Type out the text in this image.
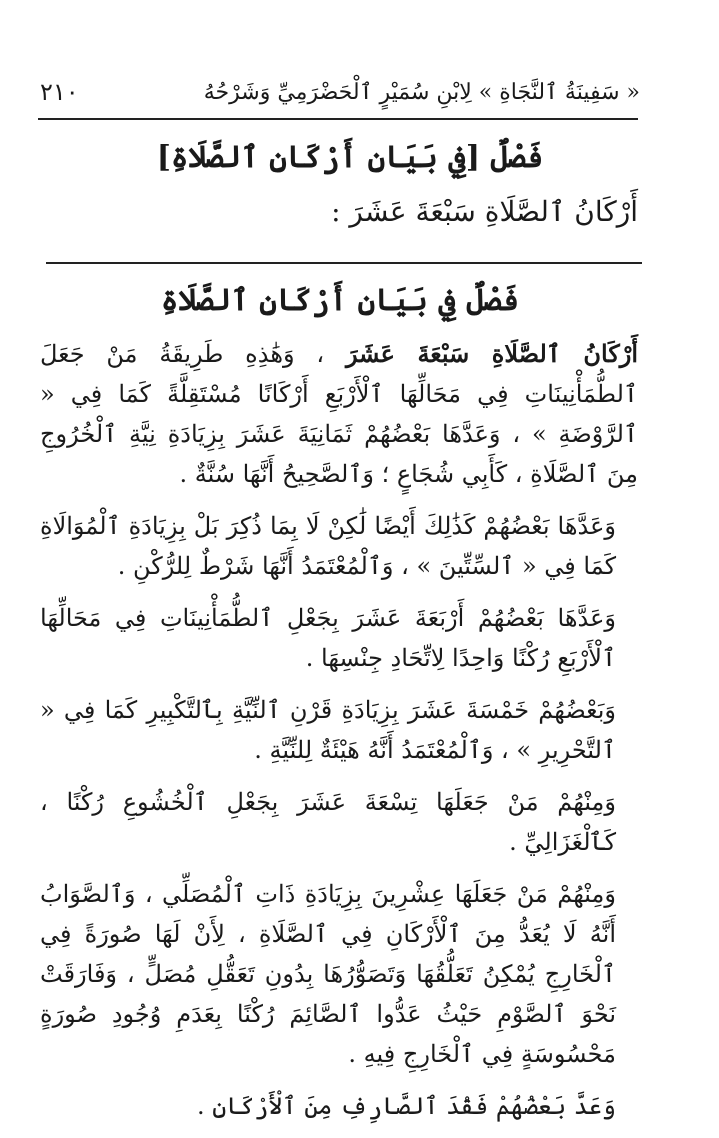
٢١٠	« سَفِينَةُ ٱلنَّجَاةِ » لِابْنِ سُمَيْرٍ ٱلْحَضْرَمِيِّ وَشَرْحُهُ
فَصْلٌ [فِي بَيَانِ أَرْكَانِ ٱلصَّلَاةِ]
أَرْكَانُ ٱلصَّلَاةِ سَبْعَةَ عَشَرَ :
فَصْلٌ فِي بَيَانِ أَرْكَانِ ٱلصَّلَاةِ

أَرْكَانُ ٱلصَّلَاةِ سَبْعَةَ عَشَرَ ، وَهَٰذِهِ طَرِيقَةُ مَنْ جَعَلَ ٱلطُّمَأْنِينَاتِ فِي مَحَالِّهَا ٱلْأَرْبَعِ أَرْكَانًا مُسْتَقِلَّةً كَمَا فِي « ٱلرَّوْضَةِ » ، وَعَدَّهَا بَعْضُهُمْ ثَمَانِيَةَ عَشَرَ بِزِيَادَةِ نِيَّةِ ٱلْخُرُوجِ مِنَ ٱلصَّلَاةِ ، كَأَبِي شُجَاعٍ ؛ وَٱلصَّحِيحُ أَنَّهَا سُنَّةٌ .

وَعَدَّهَا بَعْضُهُمْ كَذَٰلِكَ أَيْضًا لَٰكِنْ لَا بِمَا ذُكِرَ بَلْ بِزِيَادَةِ ٱلْمُوَالَاةِ كَمَا فِي « ٱلسِّتِّينَ » ، وَٱلْمُعْتَمَدُ أَنَّهَا شَرْطٌ لِلرُّكْنِ .

وَعَدَّهَا بَعْضُهُمْ أَرْبَعَةَ عَشَرَ بِجَعْلِ ٱلطُّمَأْنِينَاتِ فِي مَحَالِّهَا ٱلْأَرْبَعِ رُكْنًا وَاحِدًا لِاتِّحَادِ جِنْسِهَا .

وَبَعْضُهُمْ خَمْسَةَ عَشَرَ بِزِيَادَةِ قَرْنِ ٱلنِّيَّةِ بِٱلتَّكْبِيرِ كَمَا فِي « ٱلتَّحْرِيرِ » ، وَٱلْمُعْتَمَدُ أَنَّهُ هَيْئَةٌ لِلنِّيَّةِ .

وَمِنْهُمْ مَنْ جَعَلَهَا تِسْعَةَ عَشَرَ بِجَعْلِ ٱلْخُشُوعِ رُكْنًا ، كَٱلْغَزَالِيِّ .

وَمِنْهُمْ مَنْ جَعَلَهَا عِشْرِينَ بِزِيَادَةِ ذَاتِ ٱلْمُصَلِّي ، وَٱلصَّوَابُ أَنَّهُ لَا يُعَدُّ مِنَ ٱلْأَرْكَانِ فِي ٱلصَّلَاةِ ، لِأَنْ لَهَا صُورَةً فِي ٱلْخَارِجِ يُمْكِنُ تَعَلُّقُهَا وَتَصَوُّرُهَا بِدُونِ تَعَقُّلِ مُصَلٍّ ، وَفَارَقَتْ نَحْوَ ٱلصَّوْمِ حَيْثُ عَدُّوا ٱلصَّائِمَ رُكْنًا بِعَدَمِ وُجُودِ صُورَةٍ مَحْسُوسَةٍ فِي ٱلْخَارِجِ فِيهِ .

وَعَدَّ بَعْضُهُمْ فَقْدَ ٱلصَّارِفِ مِنَ ٱلْأَرْكَانِ .
